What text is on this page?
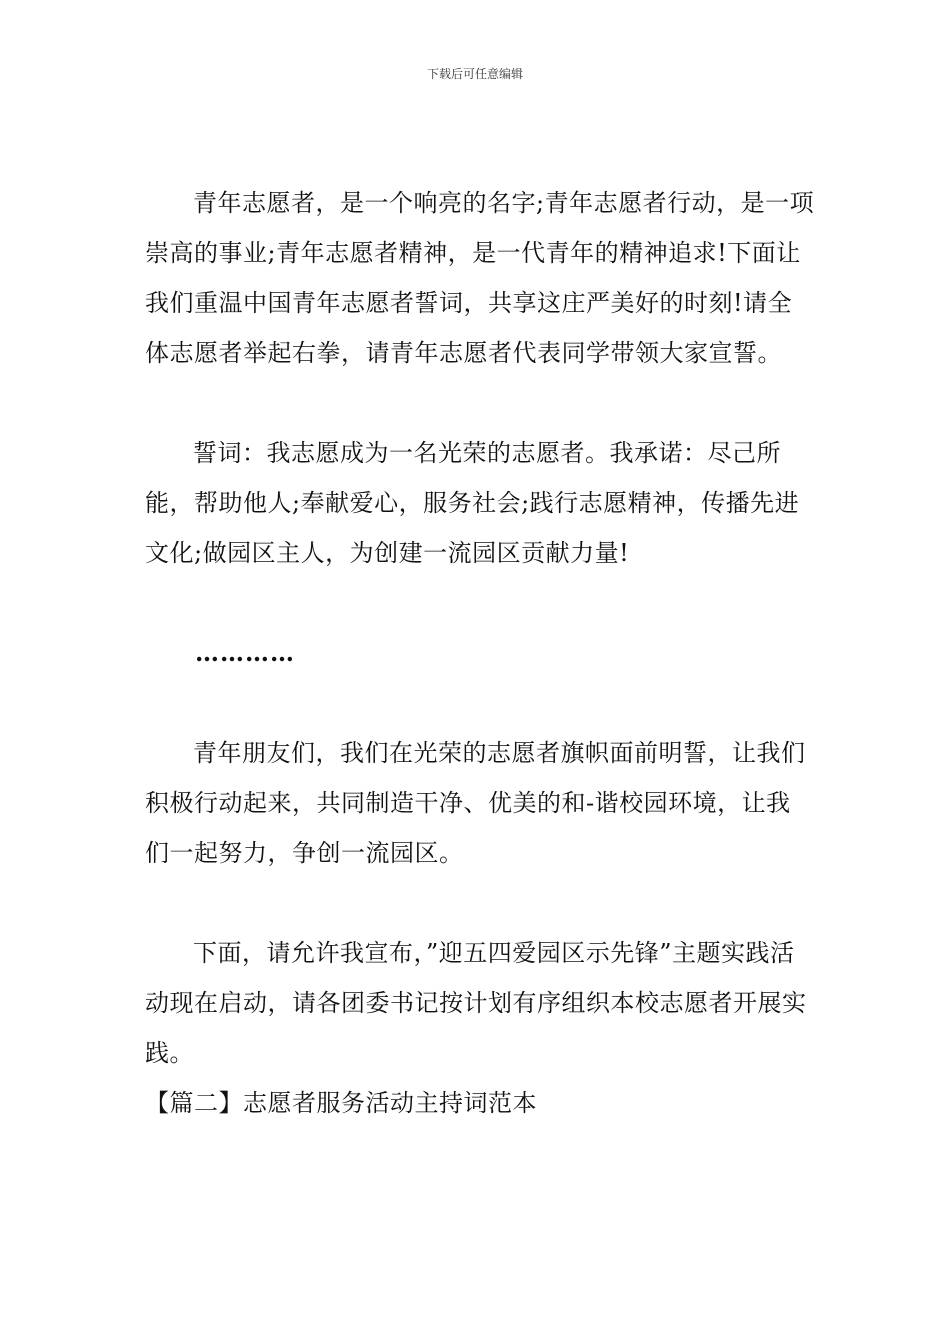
下载后可任意编辑

青年志愿者，是一个响亮的名字;青年志愿者行动，是一项崇高的事业;青年志愿者精神，是一代青年的精神追求!下面让我们重温中国青年志愿者誓词，共享这庄严美好的时刻!请全体志愿者举起右拳，请青年志愿者代表同学带领大家宣誓。

誓词：我志愿成为一名光荣的志愿者。我承诺：尽己所能，帮助他人;奉献爱心，服务社会;践行志愿精神，传播先进文化;做园区主人，为创建一流园区贡献力量!

…………

青年朋友们，我们在光荣的志愿者旗帜面前明誓，让我们积极行动起来，共同制造干净、优美的和-谐校园环境，让我们一起努力，争创一流园区。

下面，请允许我宣布，”迎五四爱园区示先锋”主题实践活动现在启动，请各团委书记按计划有序组织本校志愿者开展实践。

【篇二】志愿者服务活动主持词范本
